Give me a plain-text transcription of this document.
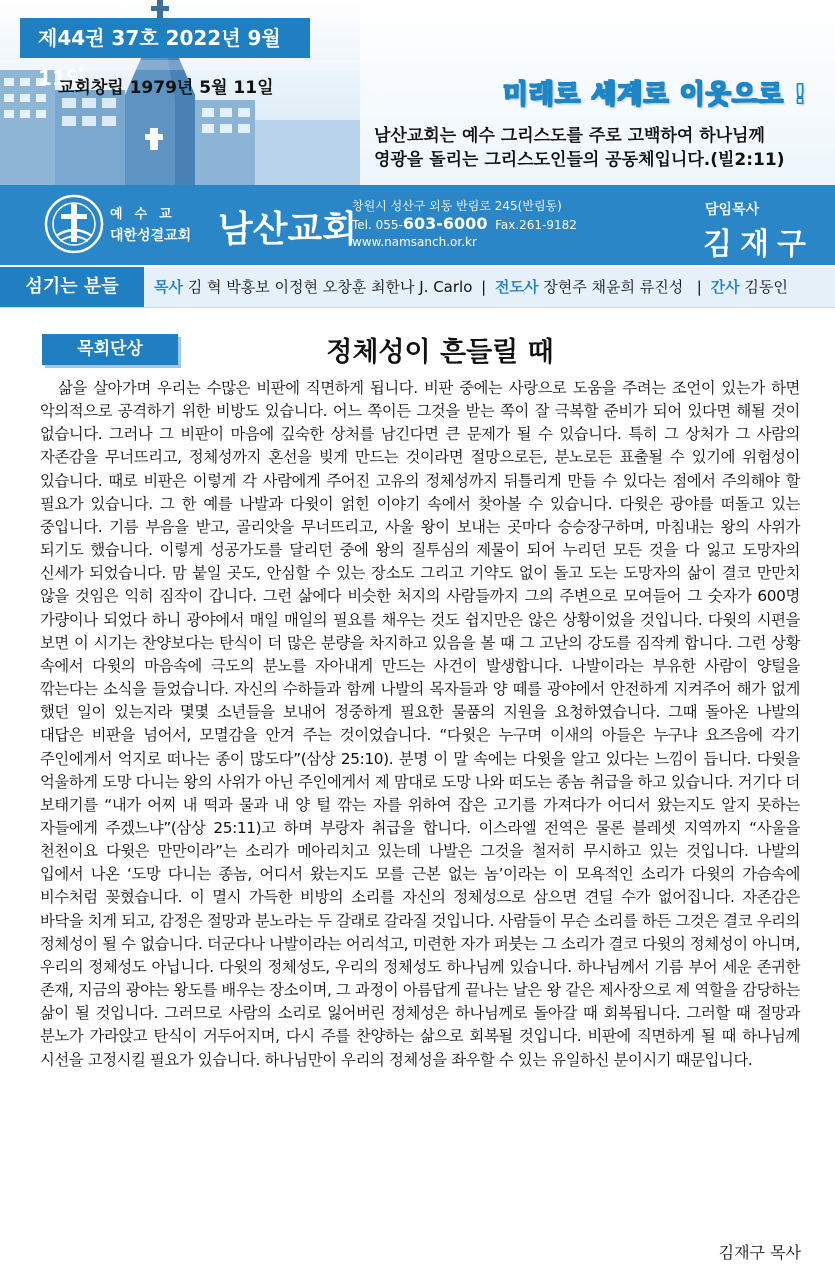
제44권 37호 2022년 9월 11일
교회창립 1979년 5월 11일	미래로 세계로 이웃으로 !
남산교회는 예수 그리스도를 주로 고백하여 하나님께
영광을 돌리는 그리스도인들의 공동체입니다.(빌2:11)
예수교
대한성결교회 남산교회
창원시 성산구 외동 반림로 245(반림동)
Tel. 055-603-6000 Fax.261-9182
www.namsanch.or.kr
담임목사
김재구
섬기는 분들	목사 김 혁 박홍보 이정현 오창훈 최한나 J. Carlo | 전도사 장현주 채윤희 류진성  | 간사 김동인
목회단상	정체성이 흔들릴 때

삶을 살아가며 우리는 수많은 비판에 직면하게 됩니다. 비판 중에는 사랑으로 도움을 주려는 조언이 있는가 하면 악의적으로 공격하기 위한 비방도 있습니다. 어느 쪽이든 그것을 받는 쪽이 잘 극복할 준비가 되어 있다면 해될 것이 없습니다. 그러나 그 비판이 마음에 깊숙한 상처를 남긴다면 큰 문제가 될 수 있습니다. 특히 그 상처가 그 사람의 자존감을 무너뜨리고, 정체성까지 혼선을 빚게 만드는 것이라면 절망으로든, 분노로든 표출될 수 있기에 위험성이 있습니다. 때로 비판은 이렇게 각 사람에게 주어진 고유의 정체성까지 뒤틀리게 만들 수 있다는 점에서 주의해야 할 필요가 있습니다. 그 한 예를 나발과 다윗이 얽힌 이야기 속에서 찾아볼 수 있습니다. 다윗은 광야를 떠돌고 있는 중입니다. 기름 부음을 받고, 골리앗을 무너뜨리고, 사울 왕이 보내는 곳마다 승승장구하며, 마침내는 왕의 사위가 되기도 했습니다. 이렇게 성공가도를 달리던 중에 왕의 질투심의 제물이 되어 누리던 모든 것을 다 잃고 도망자의 신세가 되었습니다. 맘 붙일 곳도, 안심할 수 있는 장소도 그리고 기약도 없이 돌고 도는 도망자의 삶이 결코 만만치 않을 것임은 익히 짐작이 갑니다. 그런 삶에다 비슷한 처지의 사람들까지 그의 주변으로 모여들어 그 숫자가 600명 가량이나 되었다 하니 광야에서 매일 매일의 필요를 채우는 것도 쉽지만은 않은 상황이었을 것입니다. 다윗의 시편을 보면 이 시기는 찬양보다는 탄식이 더 많은 분량을 차지하고 있음을 볼 때 그 고난의 강도를 짐작케 합니다. 그런 상황 속에서 다윗의 마음속에 극도의 분노를 자아내게 만드는 사건이 발생합니다. 나발이라는 부유한 사람이 양털을 깎는다는 소식을 들었습니다. 자신의 수하들과 함께 나발의 목자들과 양 떼를 광야에서 안전하게 지켜주어 해가 없게 했던 일이 있는지라 몇몇 소년들을 보내어 정중하게 필요한 물품의 지원을 요청하였습니다. 그때 돌아온 나발의 대답은 비판을 넘어서, 모멸감을 안겨 주는 것이었습니다. “다윗은 누구며 이새의 아들은 누구냐 요즈음에 각기 주인에게서 억지로 떠나는 종이 많도다”(삼상 25:10). 분명 이 말 속에는 다윗을 알고 있다는 느낌이 듭니다. 다윗을 억울하게 도망 다니는 왕의 사위가 아닌 주인에게서 제 맘대로 도망 나와 떠도는 종놈 취급을 하고 있습니다. 거기다 더 보태기를 “내가 어찌 내 떡과 물과 내 양 털 깎는 자를 위하여 잡은 고기를 가져다가 어디서 왔는지도 알지 못하는 자들에게 주겠느냐”(삼상 25:11)고 하며 부랑자 취급을 합니다. 이스라엘 전역은 물론 블레셋 지역까지 “사울을 천천이요 다윗은 만만이라”는 소리가 메아리치고 있는데 나발은 그것을 철저히 무시하고 있는 것입니다. 나발의 입에서 나온 ‘도망 다니는 종놈, 어디서 왔는지도 모를 근본 없는 놈’이라는 이 모욕적인 소리가 다윗의 가슴속에 비수처럼 꽂혔습니다. 이 멸시 가득한 비방의 소리를 자신의 정체성으로 삼으면 견딜 수가 없어집니다. 자존감은 바닥을 치게 되고, 감정은 절망과 분노라는 두 갈래로 갈라질 것입니다. 사람들이 무슨 소리를 하든 그것은 결코 우리의 정체성이 될 수 없습니다. 더군다나 나발이라는 어리석고, 미련한 자가 퍼붓는 그 소리가 결코 다윗의 정체성이 아니며, 우리의 정체성도 아닙니다. 다윗의 정체성도, 우리의 정체성도 하나님께 있습니다. 하나님께서 기름 부어 세운 존귀한 존재, 지금의 광야는 왕도를 배우는 장소이며, 그 과정이 아름답게 끝나는 날은 왕 같은 제사장으로 제 역할을 감당하는 삶이 될 것입니다. 그러므로 사람의 소리로 잃어버린 정체성은 하나님께로 돌아갈 때 회복됩니다. 그러할 때 절망과 분노가 가라앉고 탄식이 거두어지며, 다시 주를 찬양하는 삶으로 회복될 것입니다. 비판에 직면하게 될 때 하나님께 시선을 고정시킬 필요가 있습니다. 하나님만이 우리의 정체성을 좌우할 수 있는 유일하신 분이시기 때문입니다.

김재구 목사
